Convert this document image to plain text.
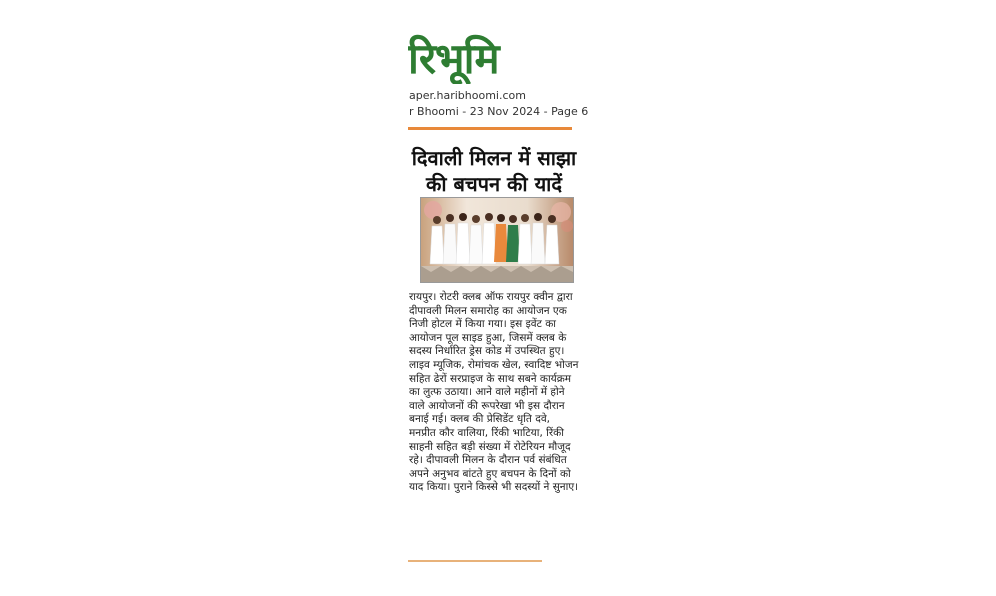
रिभूमि
aper.haribhoomi.com
r Bhoomi - 23 Nov 2024 - Page 6
दिवाली मिलन में साझा
की बचपन की यादें
रायपुर। रोटरी क्लब ऑफ रायपुर क्वीन द्वारा दीपावली मिलन समारोह का आयोजन एक निजी होटल में किया गया। इस इवेंट का आयोजन पूल साइड हुआ, जिसमें क्लब के सदस्य निर्धारित ड्रेस कोड में उपस्थित हुए। लाइव म्यूजिक, रोमांचक खेल, स्वादिष्ट भोजन सहित ढेरों सरप्राइज के साथ सबने कार्यक्रम का लुत्फ उठाया। आने वाले महीनों में होने वाले आयोजनों की रूपरेखा भी इस दौरान बनाई गई। क्लब की प्रेसिडेंट धृति दवे, मनप्रीत कौर वालिया, रिंकी भाटिया, रिंकी साहनी सहित बड़ी संख्या में रोटेरियन मौजूद रहे। दीपावली मिलन के दौरान पर्व संबंधित अपने अनुभव बांटते हुए बचपन के दिनों को याद किया। पुराने किस्से भी सदस्यों ने सुनाए।
